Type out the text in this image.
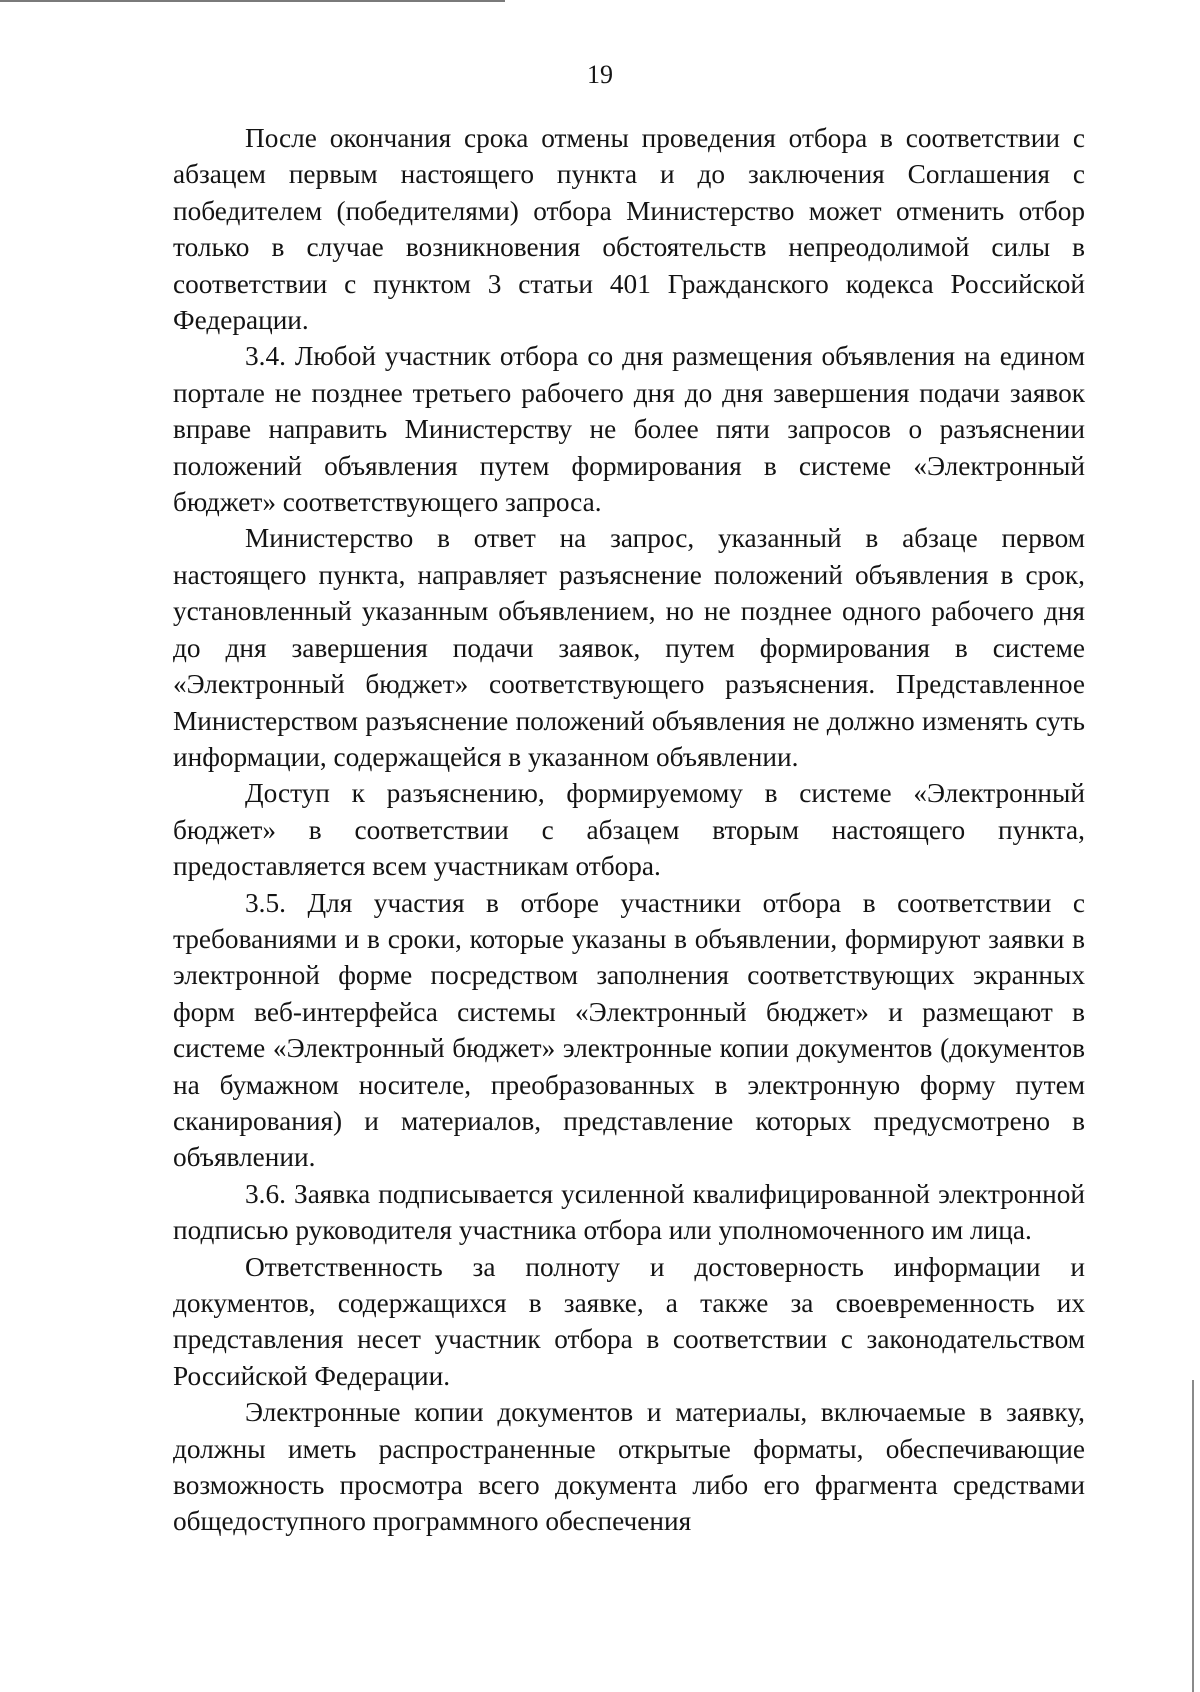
19

После окончания срока отмены проведения отбора в соответствии с абзацем первым настоящего пункта и до заключения Соглашения с победителем (победителями) отбора Министерство может отменить отбор только в случае возникновения обстоятельств непреодолимой силы в соответствии с пунктом 3 статьи 401 Гражданского кодекса Российской Федерации.

3.4. Любой участник отбора со дня размещения объявления на едином портале не позднее третьего рабочего дня до дня завершения подачи заявок вправе направить Министерству не более пяти запросов о разъяснении положений объявления путем формирования в системе «Электронный бюджет» соответствующего запроса.

Министерство в ответ на запрос, указанный в абзаце первом настоящего пункта, направляет разъяснение положений объявления в срок, установленный указанным объявлением, но не позднее одного рабочего дня до дня завершения подачи заявок, путем формирования в системе «Электронный бюджет» соответствующего разъяснения. Представленное Министерством разъяснение положений объявления не должно изменять суть информации, содержащейся в указанном объявлении.

Доступ к разъяснению, формируемому в системе «Электронный бюджет» в соответствии с абзацем вторым настоящего пункта, предоставляется всем участникам отбора.

3.5. Для участия в отборе участники отбора в соответствии с требованиями и в сроки, которые указаны в объявлении, формируют заявки в электронной форме посредством заполнения соответствующих экранных форм веб-интерфейса системы «Электронный бюджет» и размещают в системе «Электронный бюджет» электронные копии документов (документов на бумажном носителе, преобразованных в электронную форму путем сканирования) и материалов, представление которых предусмотрено в объявлении.

3.6. Заявка подписывается усиленной квалифицированной электронной подписью руководителя участника отбора или уполномоченного им лица.

Ответственность за полноту и достоверность информации и документов, содержащихся в заявке, а также за своевременность их представления несет участник отбора в соответствии с законодательством Российской Федерации.

Электронные копии документов и материалы, включаемые в заявку, должны иметь распространенные открытые форматы, обеспечивающие возможность просмотра всего документа либо его фрагмента средствами общедоступного программного обеспечения
